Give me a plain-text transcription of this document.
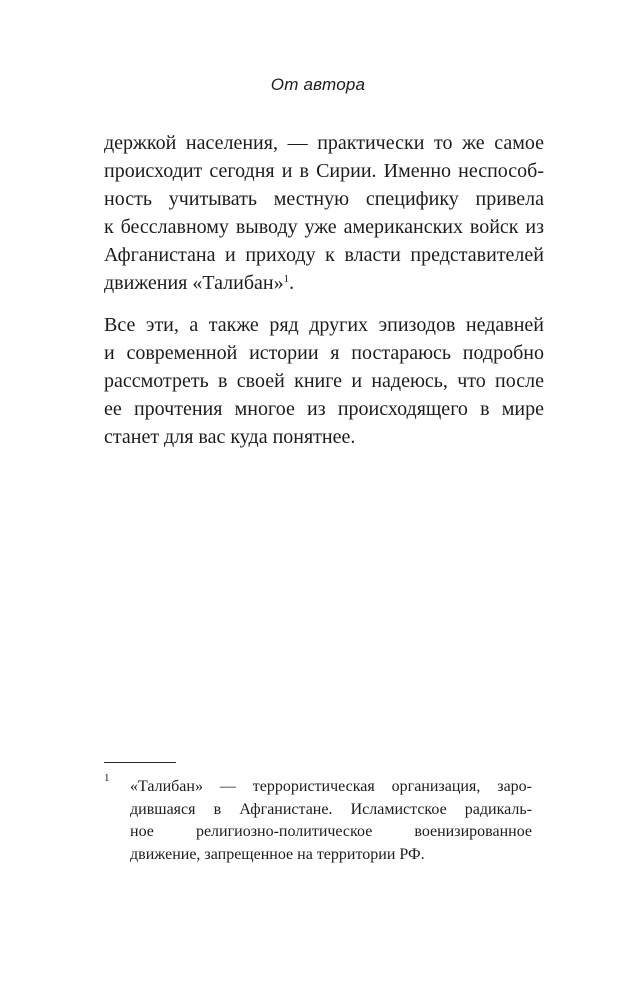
От автора
держкой населения, — практически то же самое
происходит сегодня и в Сирии. Именно неспособ-
ность учитывать местную специфику привела
к бесславному выводу уже американских войск из
Афганистана и приходу к власти представителей
движения «Талибан»$^1$.
Все эти, а также ряд других эпизодов недавней
и современной истории я постараюсь подробно
рассмотреть в своей книге и надеюсь, что после
ее прочтения многое из происходящего в мире
станет для вас куда понятнее.
1 «Талибан» — террористическая организация, заро-
дившаяся в Афганистане. Исламистское радикаль-
ное религиозно-политическое военизированное
движение, запрещенное на территории РФ.
